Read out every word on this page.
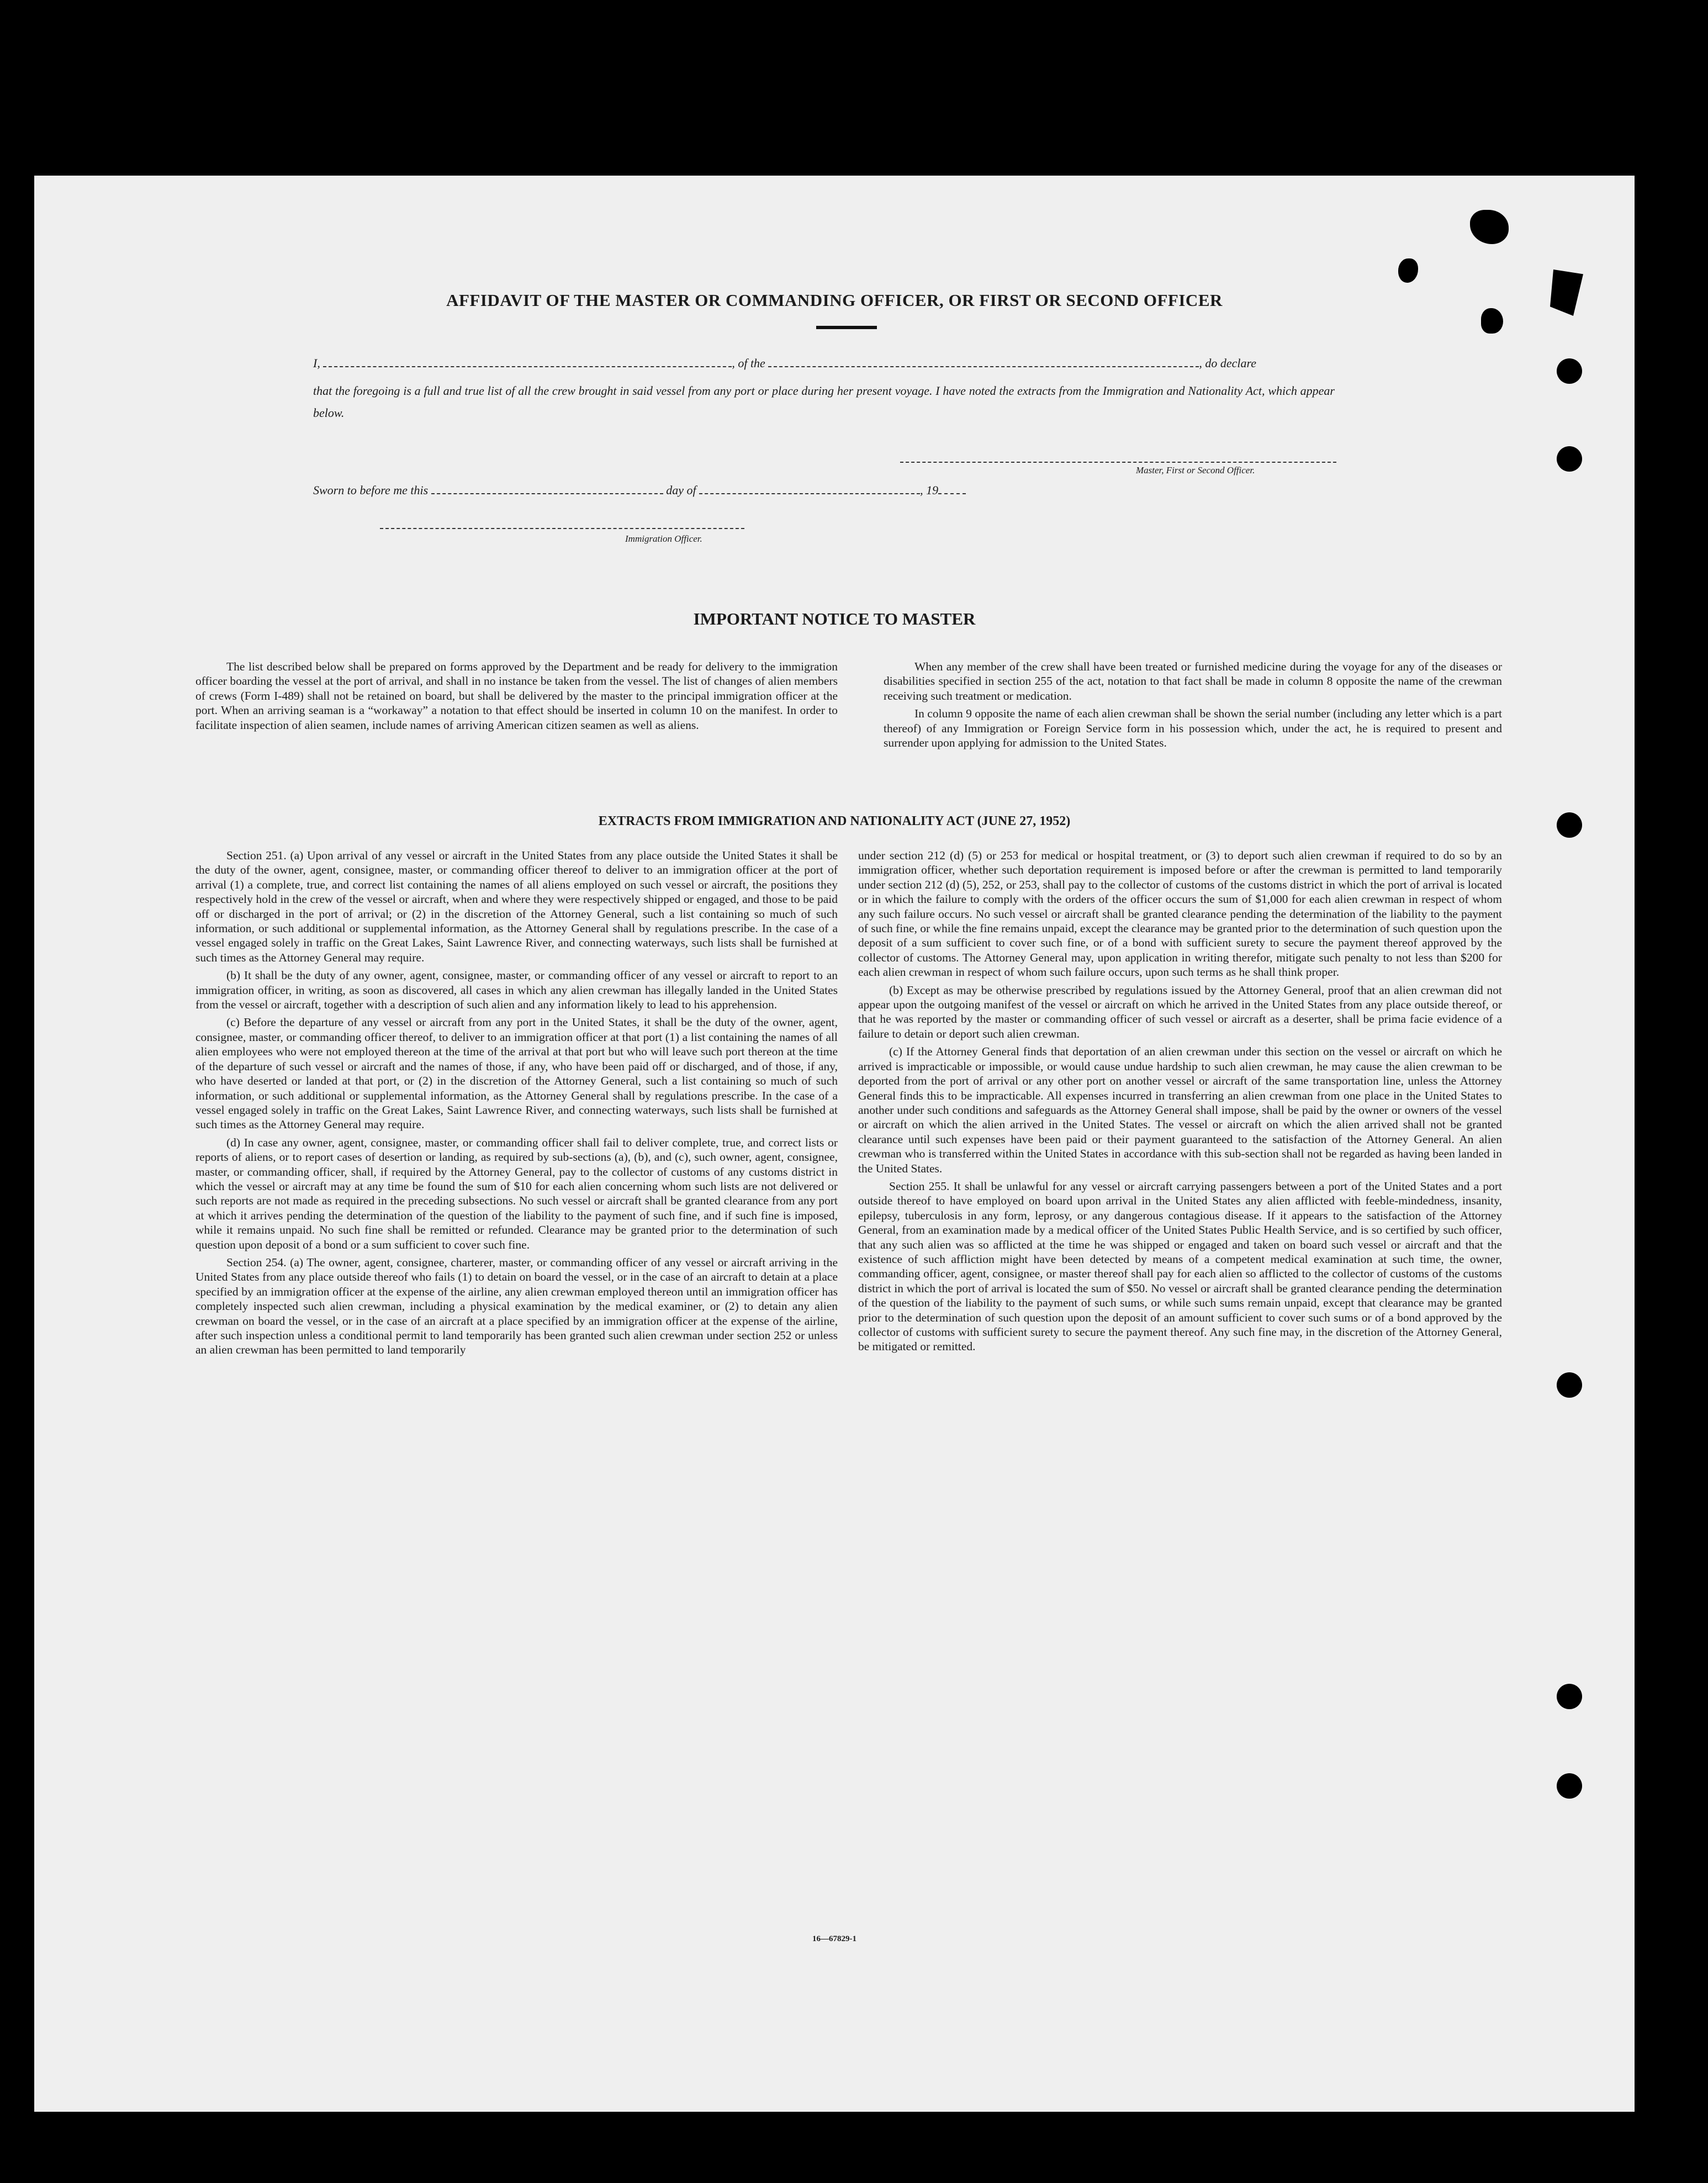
AFFIDAVIT OF THE MASTER OR COMMANDING OFFICER, OR FIRST OR SECOND OFFICER

I,	, of the	, do declare
that the foregoing is a full and true list of all the crew brought in said vessel from any port or place during her present voyage. I have noted the extracts from the Immigration and Nationality Act, which appear below.
Master, First or Second Officer.
Sworn to before me this	day of	, 19
Immigration Officer.

IMPORTANT NOTICE TO MASTER

The list described below shall be prepared on forms approved by the Department and be ready for delivery to the immigration officer boarding the vessel at the port of arrival, and shall in no instance be taken from the vessel. The list of changes of alien members of crews (Form I-489) shall not be retained on board, but shall be delivered by the master to the principal immigration officer at the port. When an arriving seaman is a “workaway” a notation to that effect should be inserted in column 10 on the manifest. In order to facilitate inspection of alien seamen, include names of arriving American citizen seamen as well as aliens.

When any member of the crew shall have been treated or furnished medicine during the voyage for any of the diseases or disabilities specified in section 255 of the act, notation to that fact shall be made in column 8 opposite the name of the crewman receiving such treatment or medication.

In column 9 opposite the name of each alien crewman shall be shown the serial number (including any letter which is a part thereof) of any Immigration or Foreign Service form in his possession which, under the act, he is required to present and surrender upon applying for admission to the United States.

EXTRACTS FROM IMMIGRATION AND NATIONALITY ACT (JUNE 27, 1952)

Section 251. (a) Upon arrival of any vessel or aircraft in the United States from any place outside the United States it shall be the duty of the owner, agent, consignee, master, or commanding officer thereof to deliver to an immigration officer at the port of arrival (1) a complete, true, and correct list containing the names of all aliens employed on such vessel or aircraft, the positions they respectively hold in the crew of the vessel or aircraft, when and where they were respectively shipped or engaged, and those to be paid off or discharged in the port of arrival; or (2) in the discretion of the Attorney General, such a list containing so much of such information, or such additional or supplemental information, as the Attorney General shall by regulations prescribe. In the case of a vessel engaged solely in traffic on the Great Lakes, Saint Lawrence River, and connecting waterways, such lists shall be furnished at such times as the Attorney General may require.

(b) It shall be the duty of any owner, agent, consignee, master, or commanding officer of any vessel or aircraft to report to an immigration officer, in writing, as soon as discovered, all cases in which any alien crewman has illegally landed in the United States from the vessel or aircraft, together with a description of such alien and any information likely to lead to his apprehension.

(c) Before the departure of any vessel or aircraft from any port in the United States, it shall be the duty of the owner, agent, consignee, master, or commanding officer thereof, to deliver to an immigration officer at that port (1) a list containing the names of all alien employees who were not employed thereon at the time of the arrival at that port but who will leave such port thereon at the time of the departure of such vessel or aircraft and the names of those, if any, who have been paid off or discharged, and of those, if any, who have deserted or landed at that port, or (2) in the discretion of the Attorney General, such a list containing so much of such information, or such additional or supplemental information, as the Attorney General shall by regulations prescribe. In the case of a vessel engaged solely in traffic on the Great Lakes, Saint Lawrence River, and connecting waterways, such lists shall be furnished at such times as the Attorney General may require.

(d) In case any owner, agent, consignee, master, or commanding officer shall fail to deliver complete, true, and correct lists or reports of aliens, or to report cases of desertion or landing, as required by sub-sections (a), (b), and (c), such owner, agent, consignee, master, or commanding officer, shall, if required by the Attorney General, pay to the collector of customs of any customs district in which the vessel or aircraft may at any time be found the sum of $10 for each alien concerning whom such lists are not delivered or such reports are not made as required in the preceding subsections. No such vessel or aircraft shall be granted clearance from any port at which it arrives pending the determination of the question of the liability to the payment of such fine, and if such fine is imposed, while it remains unpaid. No such fine shall be remitted or refunded. Clearance may be granted prior to the determination of such question upon deposit of a bond or a sum sufficient to cover such fine.

Section 254. (a) The owner, agent, consignee, charterer, master, or commanding officer of any vessel or aircraft arriving in the United States from any place outside thereof who fails (1) to detain on board the vessel, or in the case of an aircraft to detain at a place specified by an immigration officer at the expense of the airline, any alien crewman employed thereon until an immigration officer has completely inspected such alien crewman, including a physical examination by the medical examiner, or (2) to detain any alien crewman on board the vessel, or in the case of an aircraft at a place specified by an immigration officer at the expense of the airline, after such inspection unless a conditional permit to land temporarily has been granted such alien crewman under section 252 or unless an alien crewman has been permitted to land temporarily

under section 212 (d) (5) or 253 for medical or hospital treatment, or (3) to deport such alien crewman if required to do so by an immigration officer, whether such deportation requirement is imposed before or after the crewman is permitted to land temporarily under section 212 (d) (5), 252, or 253, shall pay to the collector of customs of the customs district in which the port of arrival is located or in which the failure to comply with the orders of the officer occurs the sum of $1,000 for each alien crewman in respect of whom any such failure occurs. No such vessel or aircraft shall be granted clearance pending the determination of the liability to the payment of such fine, or while the fine remains unpaid, except the clearance may be granted prior to the determination of such question upon the deposit of a sum sufficient to cover such fine, or of a bond with sufficient surety to secure the payment thereof approved by the collector of customs. The Attorney General may, upon application in writing therefor, mitigate such penalty to not less than $200 for each alien crewman in respect of whom such failure occurs, upon such terms as he shall think proper.

(b) Except as may be otherwise prescribed by regulations issued by the Attorney General, proof that an alien crewman did not appear upon the outgoing manifest of the vessel or aircraft on which he arrived in the United States from any place outside thereof, or that he was reported by the master or commanding officer of such vessel or aircraft as a deserter, shall be prima facie evidence of a failure to detain or deport such alien crewman.

(c) If the Attorney General finds that deportation of an alien crewman under this section on the vessel or aircraft on which he arrived is impracticable or impossible, or would cause undue hardship to such alien crewman, he may cause the alien crewman to be deported from the port of arrival or any other port on another vessel or aircraft of the same transportation line, unless the Attorney General finds this to be impracticable. All expenses incurred in transferring an alien crewman from one place in the United States to another under such conditions and safeguards as the Attorney General shall impose, shall be paid by the owner or owners of the vessel or aircraft on which the alien arrived in the United States. The vessel or aircraft on which the alien arrived shall not be granted clearance until such expenses have been paid or their payment guaranteed to the satisfaction of the Attorney General. An alien crewman who is transferred within the United States in accordance with this sub-section shall not be regarded as having been landed in the United States.

Section 255. It shall be unlawful for any vessel or aircraft carrying passengers between a port of the United States and a port outside thereof to have employed on board upon arrival in the United States any alien afflicted with feeble-mindedness, insanity, epilepsy, tuberculosis in any form, leprosy, or any dangerous contagious disease. If it appears to the satisfaction of the Attorney General, from an examination made by a medical officer of the United States Public Health Service, and is so certified by such officer, that any such alien was so afflicted at the time he was shipped or engaged and taken on board such vessel or aircraft and that the existence of such affliction might have been detected by means of a competent medical examination at such time, the owner, commanding officer, agent, consignee, or master thereof shall pay for each alien so afflicted to the collector of customs of the customs district in which the port of arrival is located the sum of $50. No vessel or aircraft shall be granted clearance pending the determination of the question of the liability to the payment of such sums, or while such sums remain unpaid, except that clearance may be granted prior to the determination of such question upon the deposit of an amount sufficient to cover such sums or of a bond approved by the collector of customs with sufficient surety to secure the payment thereof. Any such fine may, in the discretion of the Attorney General, be mitigated or remitted.

16—67829-1
